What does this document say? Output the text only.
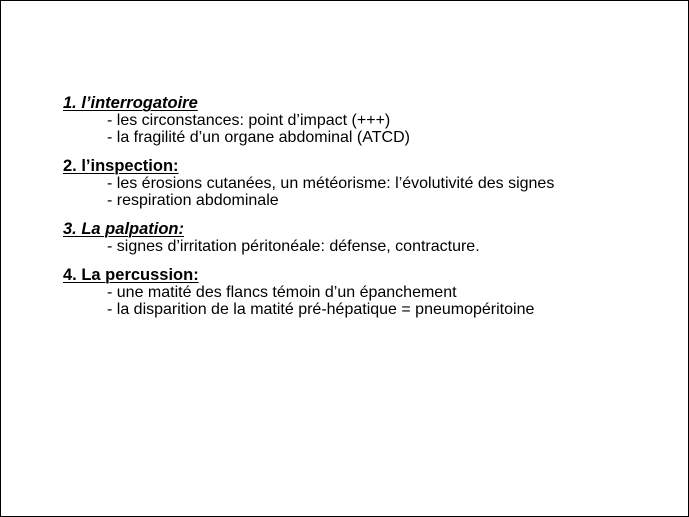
1. l’interrogatoire
- les circonstances: point d’impact (+++)
- la fragilité d’un organe abdominal (ATCD)
2. l’inspection:
- les érosions cutanées, un météorisme: l’évolutivité des signes
- respiration abdominale
3. La palpation:
- signes d’irritation péritonéale: défense, contracture.
4. La percussion:
- une matité des flancs témoin d’un épanchement
- la disparition de la matité pré-hépatique = pneumopéritoine
